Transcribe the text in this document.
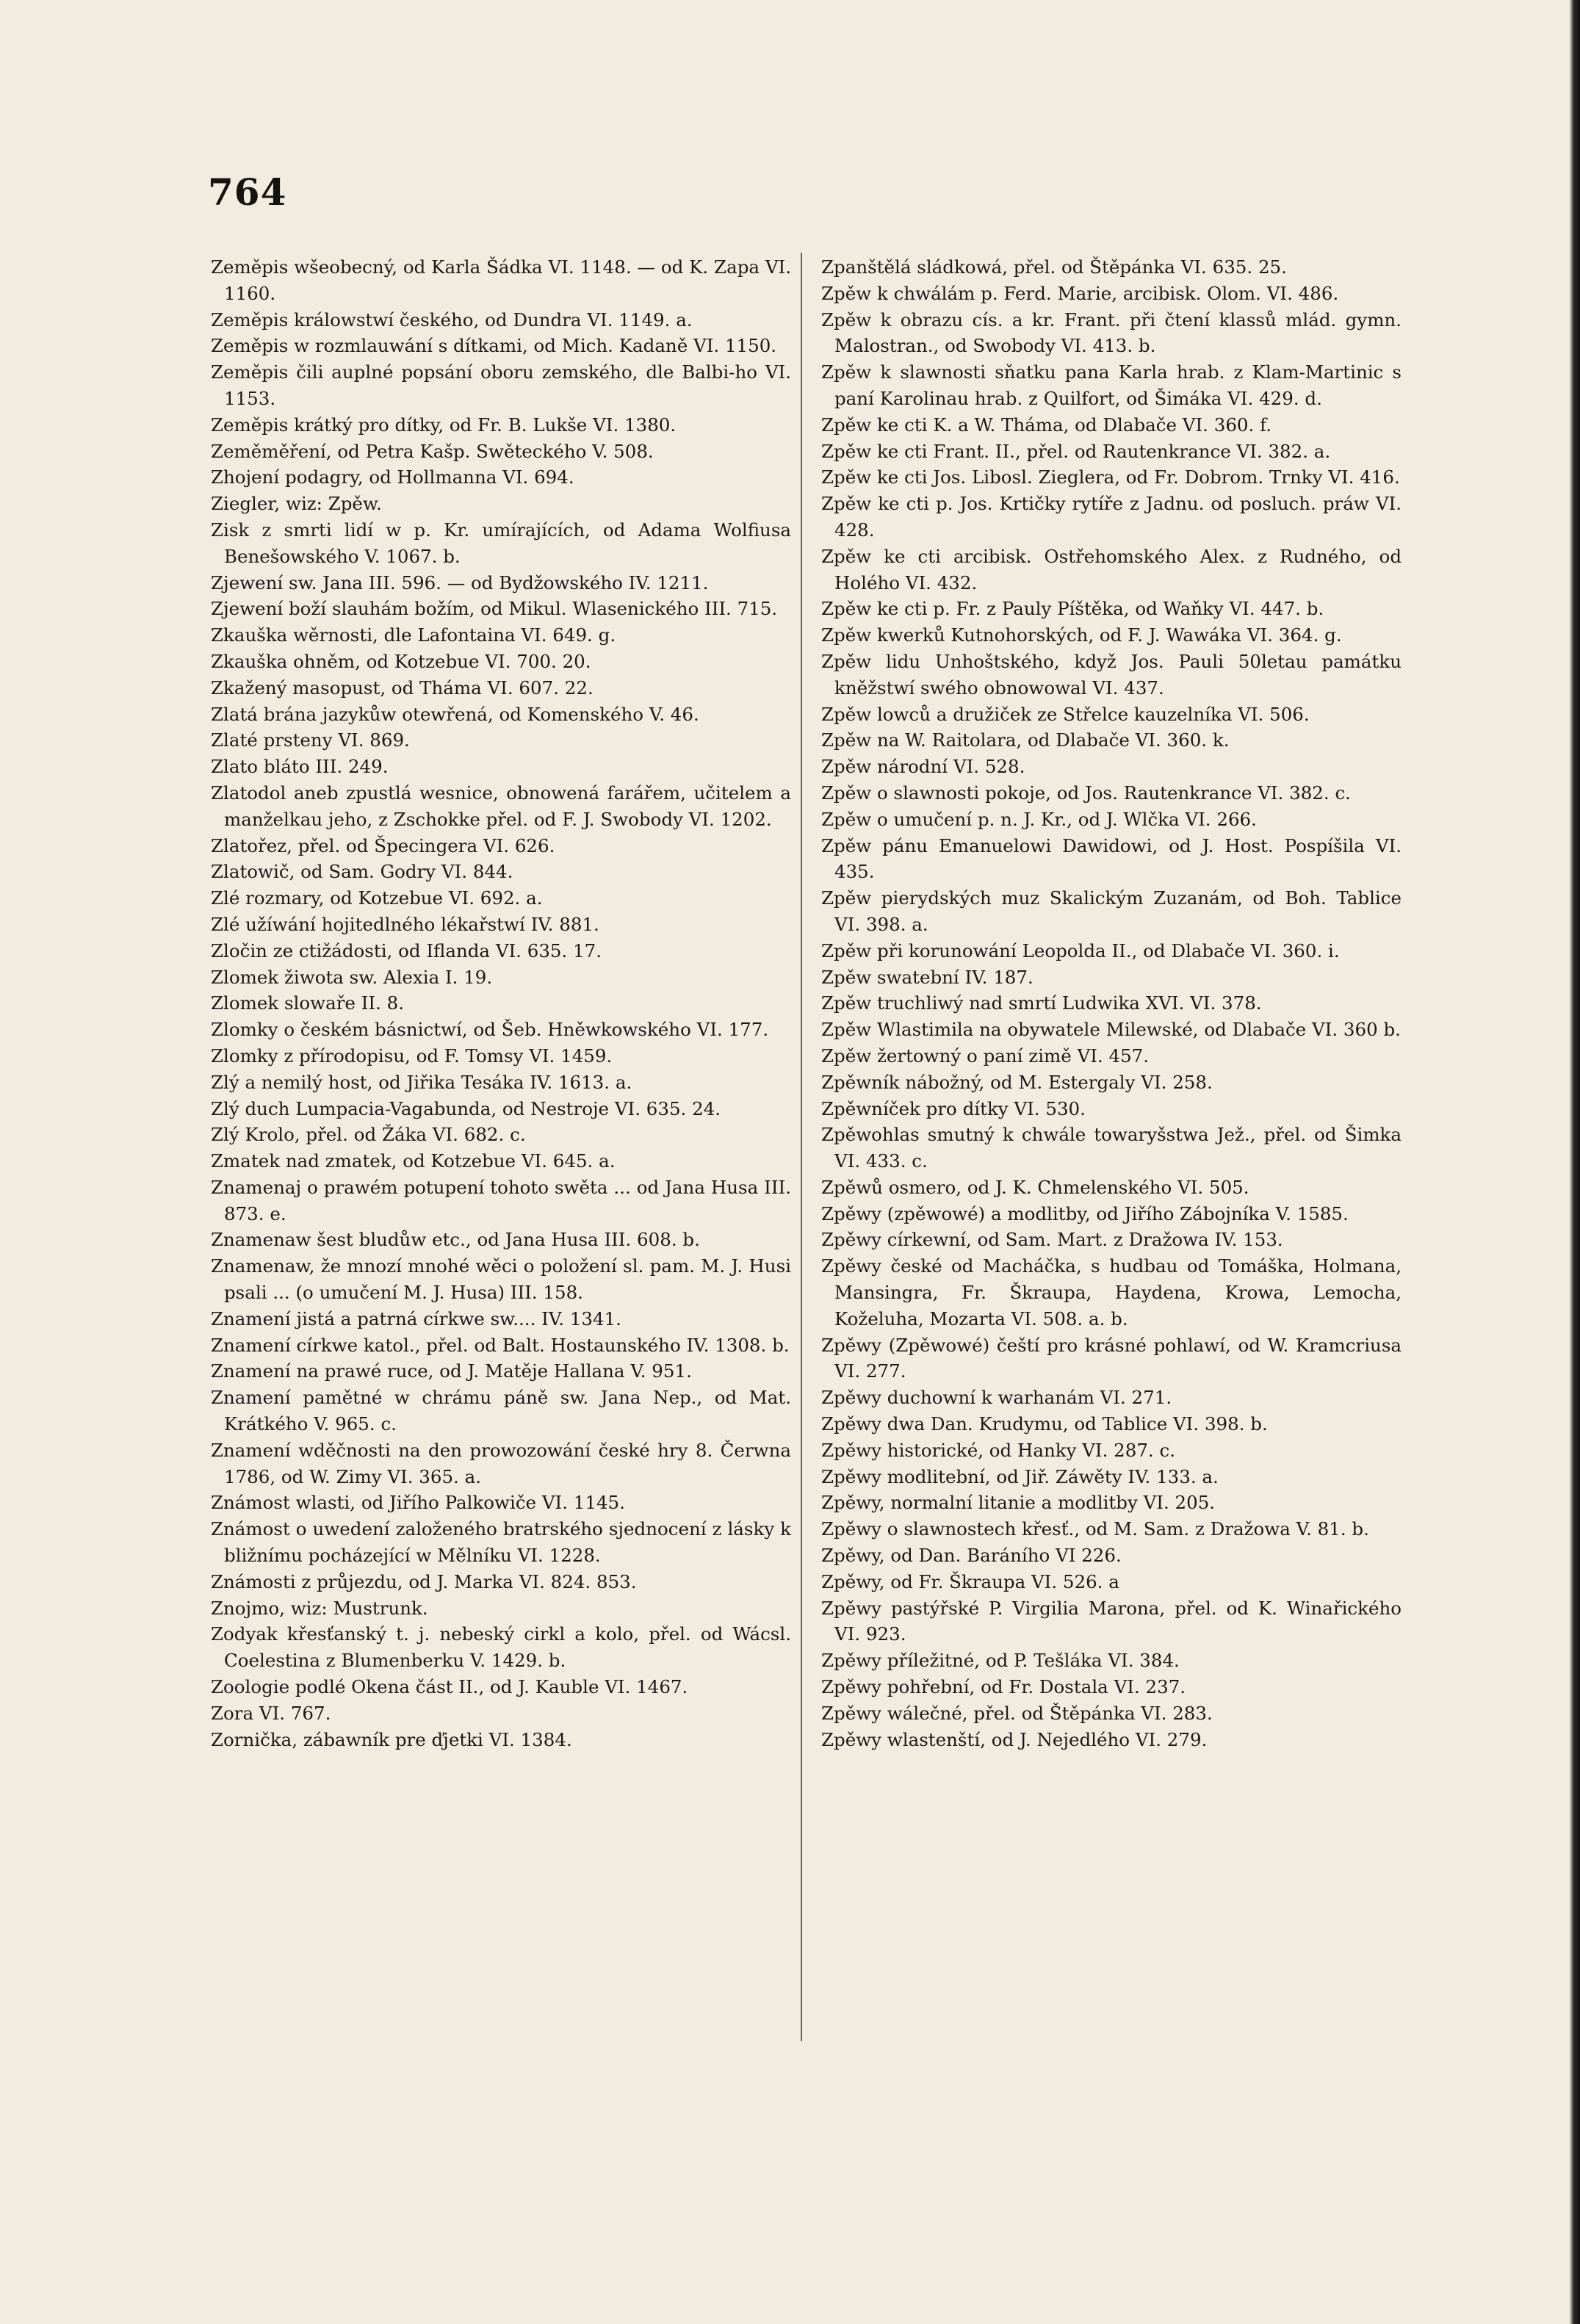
764

Zeměpis wšeobecný, od Karla Šádka VI. 1148. — od K. Zapa VI. 1160.

Zeměpis králowstwí českého, od Dundra VI. 1149. a.

Zeměpis w rozmlauwání s dítkami, od Mich. Kadaně VI. 1150.

Zeměpis čili auplné popsání oboru zemského, dle Balbi-ho VI. 1153.

Zeměpis krátký pro dítky, od Fr. B. Lukše VI. 1380.

Zeměměření, od Petra Kašp. Swěteckého V. 508.

Zhojení podagry, od Hollmanna VI. 694.

Ziegler, wiz: Zpěw.

Zisk z smrti lidí w p. Kr. umírajících, od Adama Wolfiusa Benešowského V. 1067. b.

Zjewení sw. Jana III. 596. — od Bydžowského IV. 1211.

Zjewení boží slauhám božím, od Mikul. Wlasenického III. 715.

Zkauška wěrnosti, dle Lafontaina VI. 649. g.

Zkauška ohněm, od Kotzebue VI. 700. 20.

Zkažený masopust, od Tháma VI. 607. 22.

Zlatá brána jazykůw otewřená, od Komenského V. 46.

Zlaté prsteny VI. 869.

Zlato bláto III. 249.

Zlatodol aneb zpustlá wesnice, obnowená farářem, učitelem a manželkau jeho, z Zschokke přel. od F. J. Swobody VI. 1202.

Zlatořez, přel. od Špecingera VI. 626.

Zlatowič, od Sam. Godry VI. 844.

Zlé rozmary, od Kotzebue VI. 692. a.

Zlé užíwání hojitedlného lékařstwí IV. 881.

Zločin ze ctižádosti, od Iflanda VI. 635. 17.

Zlomek žiwota sw. Alexia I. 19.

Zlomek slowaře II. 8.

Zlomky o českém básnictwí, od Šeb. Hněwkowského VI. 177.

Zlomky z přírodopisu, od F. Tomsy VI. 1459.

Zlý a nemilý host, od Jiřika Tesáka IV. 1613. a.

Zlý duch Lumpacia-Vagabunda, od Nestroje VI. 635. 24.

Zlý Krolo, přel. od Žáka VI. 682. c.

Zmatek nad zmatek, od Kotzebue VI. 645. a.

Znamenaj o prawém potupení tohoto swěta ... od Jana Husa III. 873. e.

Znamenaw šest bludůw etc., od Jana Husa III. 608. b.

Znamenaw, že mnozí mnohé wěci o položení sl. pam. M. J. Husi psali ... (o umučení M. J. Husa) III. 158.

Znamení jistá a patrná církwe sw.... IV. 1341.

Znamení církwe katol., přel. od Balt. Hostaunského IV. 1308. b.

Znamení na prawé ruce, od J. Matěje Hallana V. 951.

Znamení pamětné w chrámu páně sw. Jana Nep., od Mat. Krátkého V. 965. c.

Znamení wděčnosti na den prowozowání české hry 8. Čerwna 1786, od W. Zimy VI. 365. a.

Známost wlasti, od Jiřího Palkowiče VI. 1145.

Známost o uwedení založeného bratrského sjednocení z lásky k bližnímu pocházející w Mělníku VI. 1228.

Známosti z průjezdu, od J. Marka VI. 824. 853.

Znojmo, wiz: Mustrunk.

Zodyak křesťanský t. j. nebeský cirkl a kolo, přel. od Wácsl. Coelestina z Blumenberku V. 1429. b.

Zoologie podlé Okena část II., od J. Kauble VI. 1467.

Zora VI. 767.

Zornička, zábawník pre ďjetki VI. 1384.

Zpanštělá sládkowá, přel. od Štěpánka VI. 635. 25.

Zpěw k chwálám p. Ferd. Marie, arcibisk. Olom. VI. 486.

Zpěw k obrazu cís. a kr. Frant. při čtení klassů mlád. gymn. Malostran., od Swobody VI. 413. b.

Zpěw k slawnosti sňatku pana Karla hrab. z Klam-Martinic s paní Karolinau hrab. z Quilfort, od Šimáka VI. 429. d.

Zpěw ke cti K. a W. Tháma, od Dlabače VI. 360. f.

Zpěw ke cti Frant. II., přel. od Rautenkrance VI. 382. a.

Zpěw ke cti Jos. Libosl. Zieglera, od Fr. Dobrom. Trnky VI. 416.

Zpěw ke cti p. Jos. Krtičky rytíře z Jadnu. od posluch. práw VI. 428.

Zpěw ke cti arcibisk. Ostřehomského Alex. z Rudného, od Holého VI. 432.

Zpěw ke cti p. Fr. z Pauly Píštěka, od Waňky VI. 447. b.

Zpěw kwerků Kutnohorských, od F. J. Wawáka VI. 364. g.

Zpěw lidu Unhoštského, když Jos. Pauli 50letau památku kněžstwí swého obnowowal VI. 437.

Zpěw lowců a družiček ze Střelce kauzelníka VI. 506.

Zpěw na W. Raitolara, od Dlabače VI. 360. k.

Zpěw národní VI. 528.

Zpěw o slawnosti pokoje, od Jos. Rautenkrance VI. 382. c.

Zpěw o umučení p. n. J. Kr., od J. Wlčka VI. 266.

Zpěw pánu Emanuelowi Dawidowi, od J. Host. Pospíšila VI. 435.

Zpěw pierydských muz Skalickým Zuzanám, od Boh. Tablice VI. 398. a.

Zpěw při korunowání Leopolda II., od Dlabače VI. 360. i.

Zpěw swatební IV. 187.

Zpěw truchliwý nad smrtí Ludwika XVI. VI. 378.

Zpěw Wlastimila na obywatele Milewské, od Dlabače VI. 360 b.

Zpěw žertowný o paní zimě VI. 457.

Zpěwník nábožný, od M. Estergaly VI. 258.

Zpěwníček pro dítky VI. 530.

Zpěwohlas smutný k chwále towaryšstwa Jež., přel. od Šimka VI. 433. c.

Zpěwů osmero, od J. K. Chmelenského VI. 505.

Zpěwy (zpěwowé) a modlitby, od Jiřího Zábojníka V. 1585.

Zpěwy církewní, od Sam. Mart. z Dražowa IV. 153.

Zpěwy české od Macháčka, s hudbau od Tomáška, Holmana, Mansingra, Fr. Škraupa, Haydena, Krowa, Lemocha, Koželuha, Mozarta VI. 508. a. b.

Zpěwy (Zpěwowé) čeští pro krásné pohlawí, od W. Kramcriusa VI. 277.

Zpěwy duchowní k warhanám VI. 271.

Zpěwy dwa Dan. Krudymu, od Tablice VI. 398. b.

Zpěwy historické, od Hanky VI. 287. c.

Zpěwy modlitební, od Jiř. Záwěty IV. 133. a.

Zpěwy, normalní litanie a modlitby VI. 205.

Zpěwy o slawnostech křesť., od M. Sam. z Dražowa V. 81. b.

Zpěwy, od Dan. Baráního VI 226.

Zpěwy, od Fr. Škraupa VI. 526. a

Zpěwy pastýřské P. Virgilia Marona, přel. od K. Winařického VI. 923.

Zpěwy příležitné, od P. Tešláka VI. 384.

Zpěwy pohřební, od Fr. Dostala VI. 237.

Zpěwy wálečné, přel. od Štěpánka VI. 283.

Zpěwy wlastenští, od J. Nejedlého VI. 279.
